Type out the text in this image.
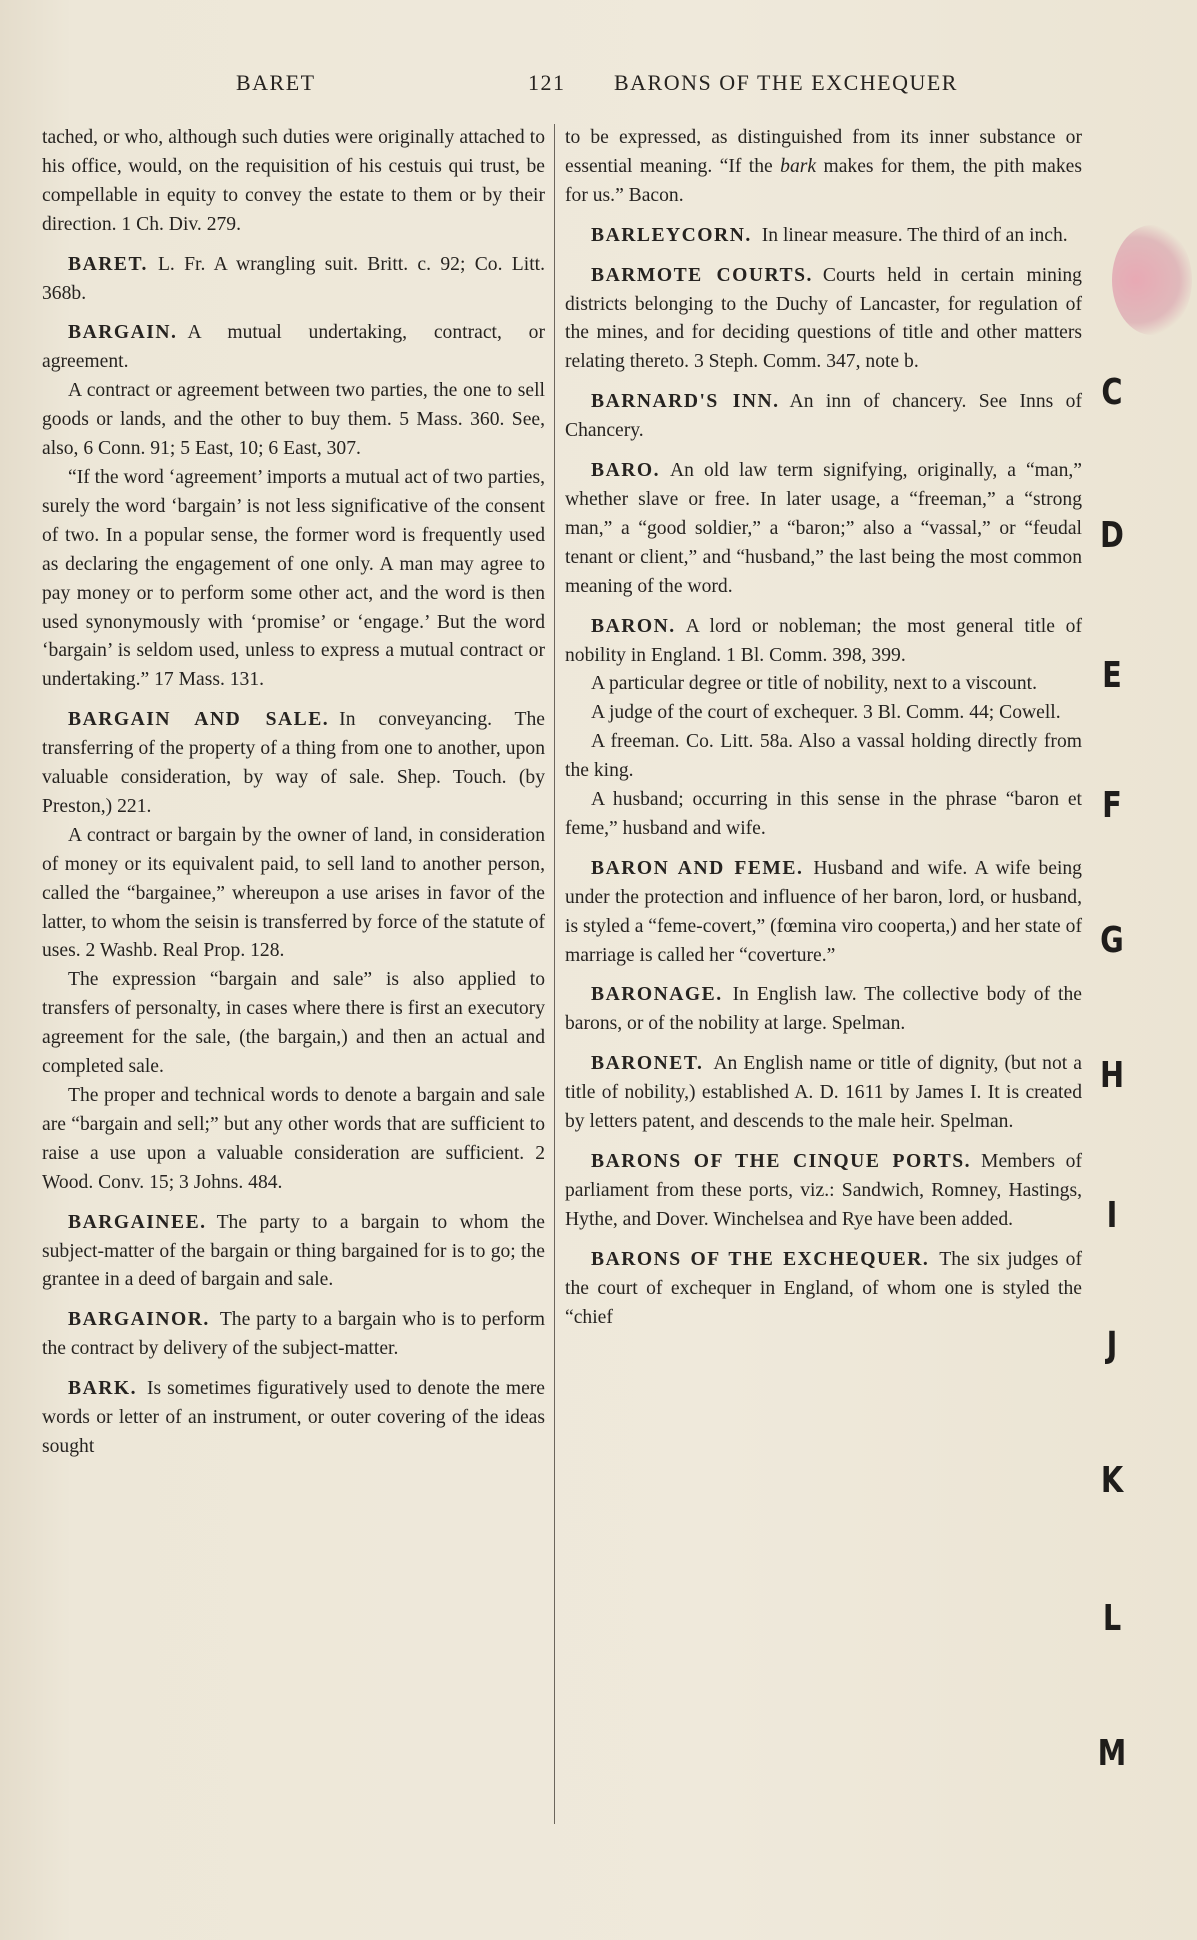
BARET	121 BARONS OF THE EXCHEQUER

tached, or who, although such duties were originally attached to his office, would, on the requisition of his cestuis qui trust, be compellable in equity to convey the estate to them or by their direction. 1 Ch. Div. 279.

BARET. L. Fr. A wrangling suit. Britt. c. 92; Co. Litt. 368b.
BARGAIN. A mutual undertaking, contract, or agreement.

A contract or agreement between two parties, the one to sell goods or lands, and the other to buy them. 5 Mass. 360. See, also, 6 Conn. 91; 5 East, 10; 6 East, 307.

“If the word ‘agreement’ imports a mutual act of two parties, surely the word ‘bargain’ is not less significative of the consent of two. In a popular sense, the former word is frequently used as declaring the engagement of one only. A man may agree to pay money or to perform some other act, and the word is then used synonymously with ‘promise’ or ‘engage.’ But the word ‘bargain’ is seldom used, unless to express a mutual contract or undertaking.” 17 Mass. 131.

BARGAIN AND SALE. In conveyancing. The transferring of the property of a thing from one to another, upon valuable consideration, by way of sale. Shep. Touch. (by Preston,) 221.

A contract or bargain by the owner of land, in consideration of money or its equivalent paid, to sell land to another person, called the “bargainee,” whereupon a use arises in favor of the latter, to whom the seisin is transferred by force of the statute of uses. 2 Washb. Real Prop. 128.

The expression “bargain and sale” is also applied to transfers of personalty, in cases where there is first an executory agreement for the sale, (the bargain,) and then an actual and completed sale.

The proper and technical words to denote a bargain and sale are “bargain and sell;” but any other words that are sufficient to raise a use upon a valuable consideration are sufficient. 2 Wood. Conv. 15; 3 Johns. 484.

BARGAINEE. The party to a bargain to whom the subject-matter of the bargain or thing bargained for is to go; the grantee in a deed of bargain and sale.
BARGAINOR. The party to a bargain who is to perform the contract by delivery of the subject-matter.
BARK. Is sometimes figuratively used to denote the mere words or letter of an instrument, or outer covering of the ideas sought

to be expressed, as distinguished from its inner substance or essential meaning. “If the bark makes for them, the pith makes for us.” Bacon.

BARLEYCORN. In linear measure. The third of an inch.
BARMOTE COURTS. Courts held in certain mining districts belonging to the Duchy of Lancaster, for regulation of the mines, and for deciding questions of title and other matters relating thereto. 3 Steph. Comm. 347, note b.
BARNARD'S INN. An inn of chancery. See Inns of Chancery.
BARO. An old law term signifying, originally, a “man,” whether slave or free. In later usage, a “freeman,” a “strong man,” a “good soldier,” a “baron;” also a “vassal,” or “feudal tenant or client,” and “husband,” the last being the most common meaning of the word.
BARON. A lord or nobleman; the most general title of nobility in England. 1 Bl. Comm. 398, 399.

A particular degree or title of nobility, next to a viscount.

A judge of the court of exchequer. 3 Bl. Comm. 44; Cowell.

A freeman. Co. Litt. 58a. Also a vassal holding directly from the king.

A husband; occurring in this sense in the phrase “baron et feme,” husband and wife.

BARON AND FEME. Husband and wife. A wife being under the protection and influence of her baron, lord, or husband, is styled a “feme-covert,” (fœmina viro cooperta,) and her state of marriage is called her “coverture.”
BARONAGE. In English law. The collective body of the barons, or of the nobility at large. Spelman.
BARONET. An English name or title of dignity, (but not a title of nobility,) established A. D. 1611 by James I. It is created by letters patent, and descends to the male heir. Spelman.
BARONS OF THE CINQUE PORTS. Members of parliament from these ports, viz.: Sandwich, Romney, Hastings, Hythe, and Dover. Winchelsea and Rye have been added.
BARONS OF THE EXCHEQUER. The six judges of the court of exchequer in England, of whom one is styled the “chief
C
D
E
F
G
H
I
J
K
L
M
